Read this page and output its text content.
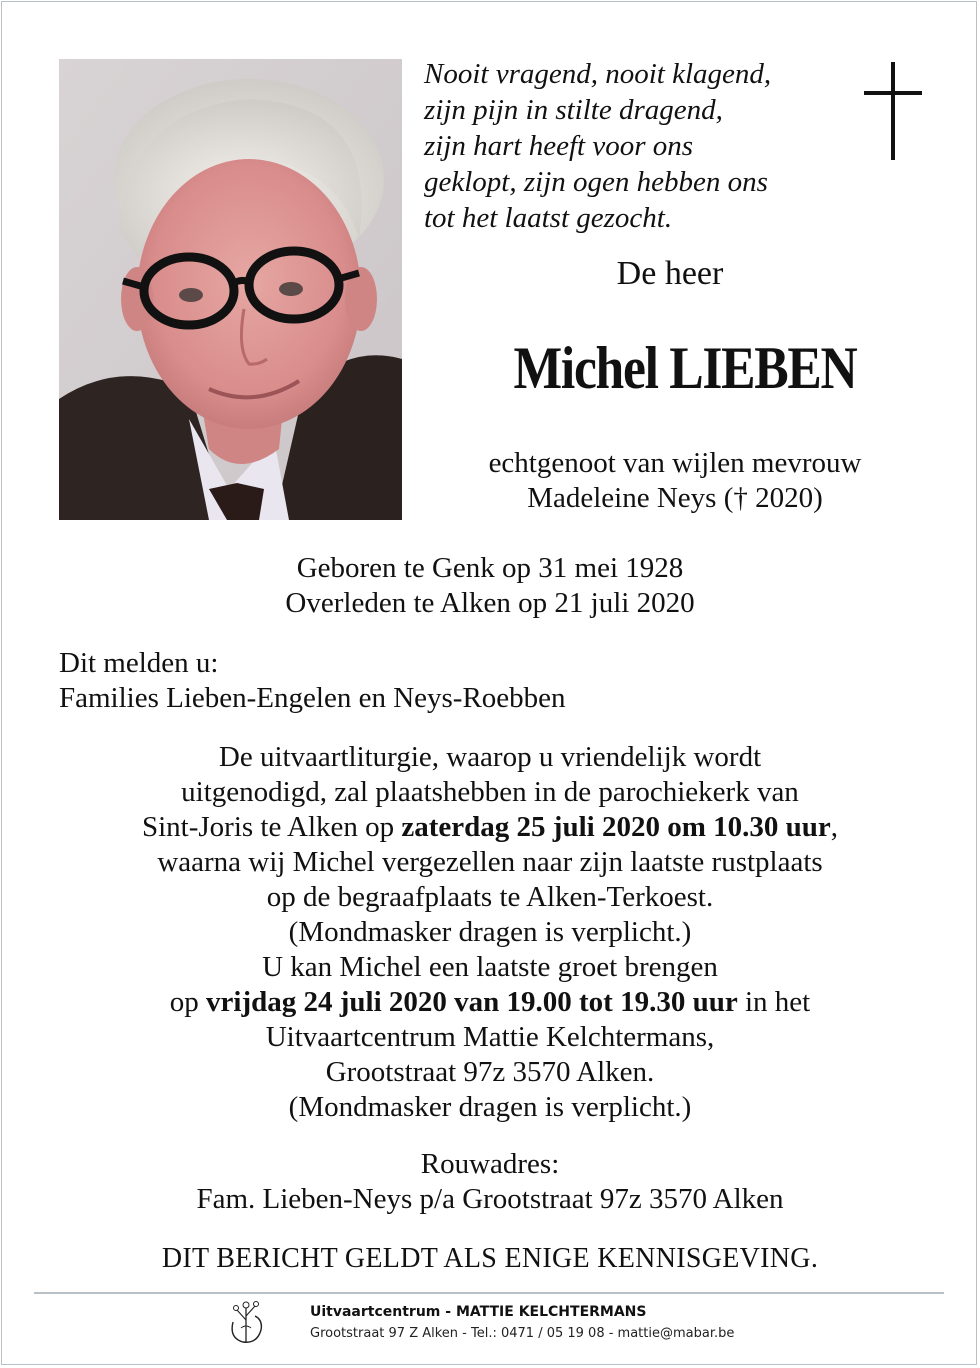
Nooit vragend, nooit klagend,
zijn pijn in stilte dragend,
zijn hart heeft voor ons
geklopt, zijn ogen hebben ons
tot het laatst gezocht.
De heer
Michel LIEBEN
echtgenoot van wijlen mevrouw
Madeleine Neys († 2020)
Geboren te Genk op 31 mei 1928
Overleden te Alken op 21 juli 2020
Dit melden u:
Families Lieben-Engelen en Neys-Roebben
De uitvaartliturgie, waarop u vriendelijk wordt
uitgenodigd, zal plaatshebben in de parochiekerk van
Sint-Joris te Alken op zaterdag 25 juli 2020 om 10.30 uur,
waarna wij Michel vergezellen naar zijn laatste rustplaats
op de begraafplaats te Alken-Terkoest.
(Mondmasker dragen is verplicht.)
U kan Michel een laatste groet brengen
op vrijdag 24 juli 2020 van 19.00 tot 19.30 uur in het
Uitvaartcentrum Mattie Kelchtermans,
Grootstraat 97z 3570 Alken.
(Mondmasker dragen is verplicht.)
Rouwadres:
Fam. Lieben-Neys p/a Grootstraat 97z 3570 Alken
DIT BERICHT GELDT ALS ENIGE KENNISGEVING.
Uitvaartcentrum - MATTIE KELCHTERMANS
Grootstraat 97 Z Alken - Tel.: 0471 / 05 19 08 - mattie@mabar.be
